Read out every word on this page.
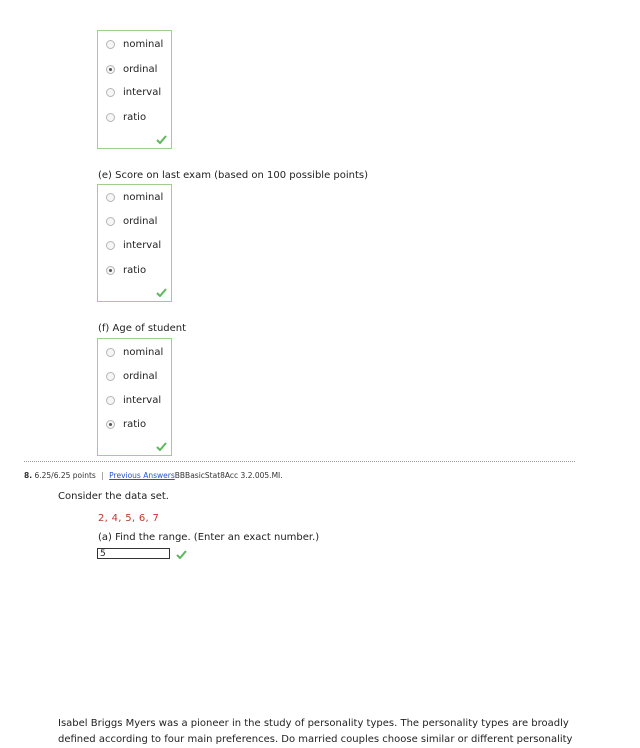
nominal
ordinal
interval
ratio
(e) Score on last exam (based on 100 possible points)
nominal
ordinal
interval
ratio
(f) Age of student
nominal
ordinal
interval
ratio
8. 6.25/6.25 points | Previous AnswersBBBasicStat8Acc 3.2.005.MI.
Consider the data set.
2, 4, 5, 6, 7
(a) Find the range. (Enter an exact number.)
5
Isabel Briggs Myers was a pioneer in the study of personality types. The personality types are broadly defined according to four main preferences. Do married couples choose similar or different personality
